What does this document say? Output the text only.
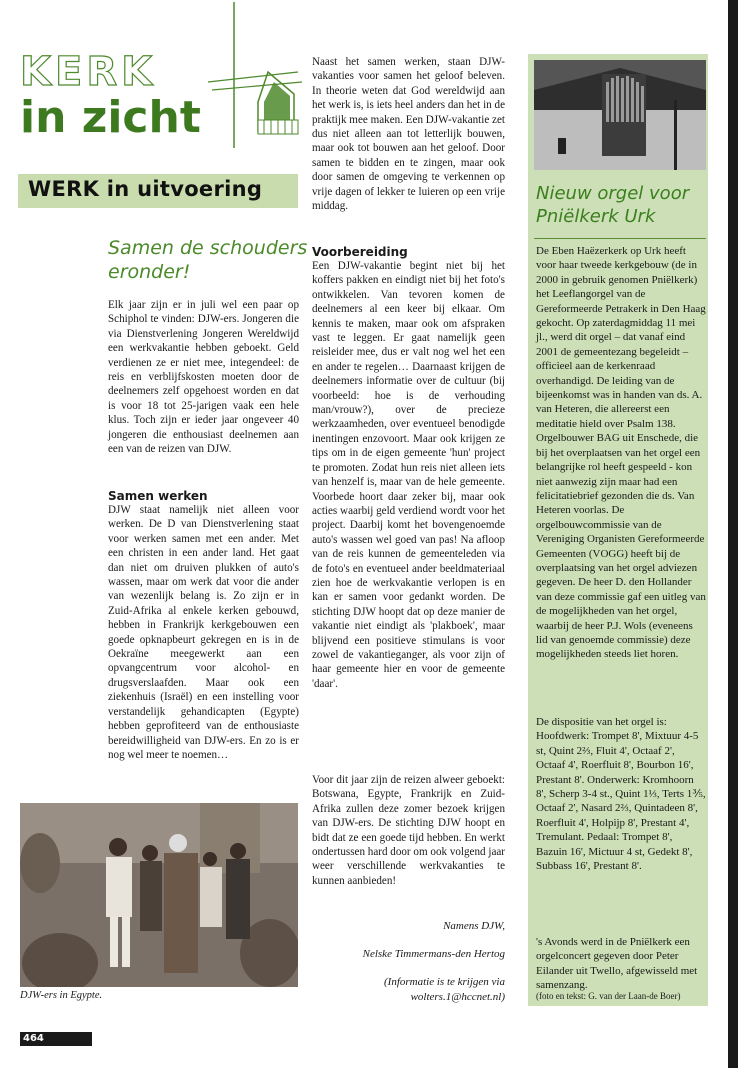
KERK
in zicht
WERK in uitvoering
Samen de schouders eronder!
Elk jaar zijn er in juli wel een paar op Schiphol te vinden: DJW-ers. Jongeren die via Dienstverlening Jongeren Wereldwijd een werkvakantie hebben geboekt. Geld verdienen ze er niet mee, integendeel: de reis en verblijfskosten moeten door de deelnemers zelf opgehoest worden en dat is voor 18 tot 25-jarigen vaak een hele klus. Toch zijn er ieder jaar ongeveer 40 jongeren die enthousiast deelnemen aan een van de reizen van DJW.
Samen werken
DJW staat namelijk niet alleen voor werken. De D van Dienstverlening staat voor werken samen met een ander. Met een christen in een ander land. Het gaat dan niet om druiven plukken of auto's wassen, maar om werk dat voor die ander van wezenlijk belang is. Zo zijn er in Zuid-Afrika al enkele kerken gebouwd, hebben in Frankrijk kerkgebouwen een goede opknapbeurt gekregen en is in de Oekraïne meegewerkt aan een opvangcentrum voor alcohol- en drugsverslaafden. Maar ook een ziekenhuis (Israël) en een instelling voor verstandelijk gehandicapten (Egypte) hebben geprofiteerd van de enthousiaste bereidwilligheid van DJW-ers. En zo is er nog wel meer te noemen…
DJW-ers in Egypte.
464
Naast het samen werken, staan DJW-vakanties voor samen het geloof beleven. In theorie weten dat God wereldwijd aan het werk is, is iets heel anders dan het in de praktijk mee maken. Een DJW-vakantie zet dus niet alleen aan tot letterlijk bouwen, maar ook tot bouwen aan het geloof. Door samen te bidden en te zingen, maar ook door samen de omgeving te verkennen op vrije dagen of lekker te luieren op een vrije middag.
Voorbereiding
Een DJW-vakantie begint niet bij het koffers pakken en eindigt niet bij het foto's ontwikkelen. Van tevoren komen de deelnemers al een keer bij elkaar. Om kennis te maken, maar ook om afspraken vast te leggen. Er gaat namelijk geen reisleider mee, dus er valt nog wel het een en ander te regelen… Daarnaast krijgen de deelnemers informatie over de cultuur (bij voorbeeld: hoe is de verhouding man/vrouw?), over de precieze werkzaamheden, over eventueel benodigde inentingen enzovoort. Maar ook krijgen ze tips om in de eigen gemeente 'hun' project te promoten. Zodat hun reis niet alleen iets van henzelf is, maar van de hele gemeente. Voorbede hoort daar zeker bij, maar ook acties waarbij geld verdiend wordt voor het project. Daarbij komt het bovengenoemde auto's wassen wel goed van pas! Na afloop van de reis kunnen de gemeenteleden via de foto's en eventueel ander beeldmateriaal zien hoe de werkvakantie verlopen is en kan er samen voor gedankt worden. De stichting DJW hoopt dat op deze manier de vakantie niet eindigt als 'plakboek', maar blijvend een positieve stimulans is voor zowel de vakantieganger, als voor zijn of haar gemeente hier en voor de gemeente 'daar'.
Voor dit jaar zijn de reizen alweer geboekt: Botswana, Egypte, Frankrijk en Zuid-Afrika zullen deze zomer bezoek krijgen van DJW-ers. De stichting DJW hoopt en bidt dat ze een goede tijd hebben. En werkt ondertussen hard door om ook volgend jaar weer verschillende werkvakanties te kunnen aanbieden!
Namens DJW,
Nelske Timmermans-den Hertog
(Informatie is te krijgen via wolters.1@hccnet.nl)
Nieuw orgel voor Pniëlkerk Urk
De Eben Haëzerkerk op Urk heeft voor haar tweede kerkgebouw (de in 2000 in gebruik genomen Pniëlkerk) het Leeflangorgel van de Gereformeerde Petrakerk in Den Haag gekocht. Op zaterdagmiddag 11 mei jl., werd dit orgel – dat vanaf eind 2001 de gemeentezang begeleidt – officieel aan de kerkenraad overhandigd. De leiding van de bijeenkomst was in handen van ds. A. van Heteren, die allereerst een meditatie hield over Psalm 138. Orgelbouwer BAG uit Enschede, die bij het overplaatsen van het orgel een belangrijke rol heeft gespeeld - kon niet aanwezig zijn maar had een felicitatiebrief gezonden die ds. Van Heteren voorlas. De orgelbouwcommissie van de Vereniging Organisten Gereformeerde Gemeenten (VOGG) heeft bij de overplaatsing van het orgel adviezen gegeven. De heer D. den Hollander van deze commissie gaf een uitleg van de mogelijkheden van het orgel, waarbij de heer P.J. Wols (eveneens lid van genoemde commissie) deze mogelijkheden steeds liet horen.
De dispositie van het orgel is: Hoofdwerk: Trompet 8', Mixtuur 4-5 st, Quint 2⅔, Fluit 4', Octaaf 2', Octaaf 4', Roerfluit 8', Bourbon 16', Prestant 8'. Onderwerk: Kromhoorn 8', Scherp 3-4 st., Quint 1⅓, Terts 1⅗, Octaaf 2', Nasard 2⅔, Quintadeen 8', Roerfluit 4', Holpijp 8', Prestant 4', Tremulant. Pedaal: Trompet 8', Bazuin 16', Mictuur 4 st, Gedekt 8', Subbass 16', Prestant 8'.
's Avonds werd in de Pniëlkerk een orgelconcert gegeven door Peter Eilander uit Twello, afgewisseld met samenzang.
(foto en tekst: G. van der Laan-de Boer)
